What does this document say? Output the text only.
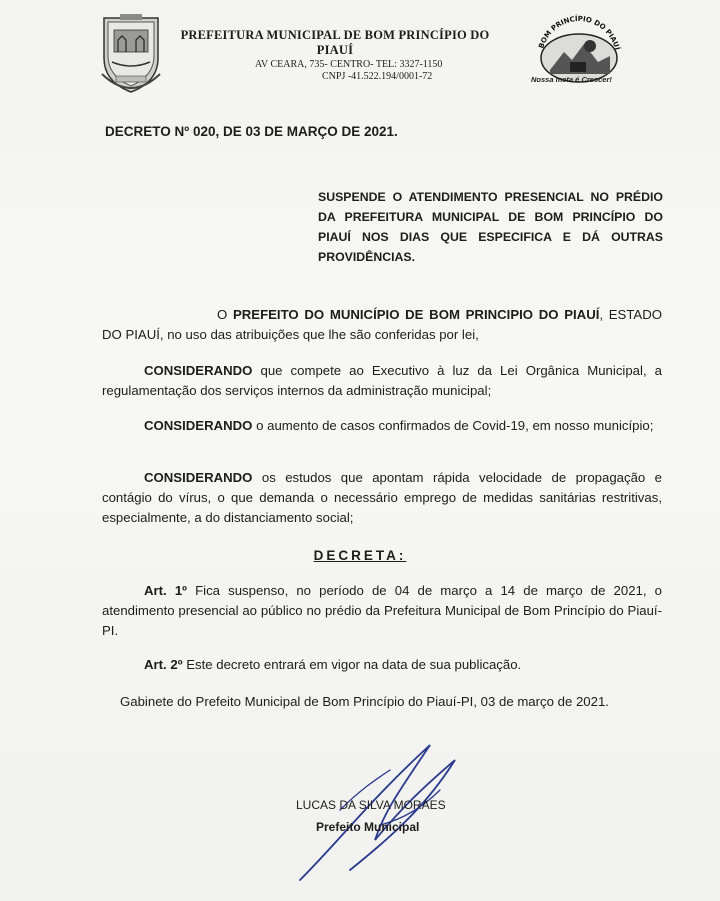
PREFEITURA MUNICIPAL DE BOM PRINCÍPIO DO PIAUÍ
AV CEARA, 735- CENTRO- TEL: 3327-1150
CNPJ -41.522.194/0001-72
BOM PRINCÍPIO DO PIAUÍ
Nossa meta é Crescer!
DECRETO Nº 020, DE 03 DE MARÇO DE 2021.
SUSPENDE O ATENDIMENTO PRESENCIAL NO PRÉDIO DA PREFEITURA MUNICIPAL DE BOM PRINCÍPIO DO PIAUÍ NOS DIAS QUE ESPECIFICA E DÁ OUTRAS PROVIDÊNCIAS.
O PREFEITO DO MUNICÍPIO DE BOM PRINCIPIO DO PIAUÍ, ESTADO DO PIAUÍ, no uso das atribuições que lhe são conferidas por lei,
CONSIDERANDO que compete ao Executivo à luz da Lei Orgânica Municipal, a regulamentação dos serviços internos da administração municipal;
CONSIDERANDO o aumento de casos confirmados de Covid-19, em nosso município;
CONSIDERANDO os estudos que apontam rápida velocidade de propagação e contágio do vírus, o que demanda o necessário emprego de medidas sanitárias restritivas, especialmente, a do distanciamento social;
DECRETA:
Art. 1º Fica suspenso, no período de 04 de março a 14 de março de 2021, o atendimento presencial ao público no prédio da Prefeitura Municipal de Bom Princípio do Piauí-PI.
Art. 2º Este decreto entrará em vigor na data de sua publicação.
Gabinete do Prefeito Municipal de Bom Princípio do Piauí-PI, 03 de março de 2021.
LUCAS DA SILVA MORAES
Prefeito Municipal
